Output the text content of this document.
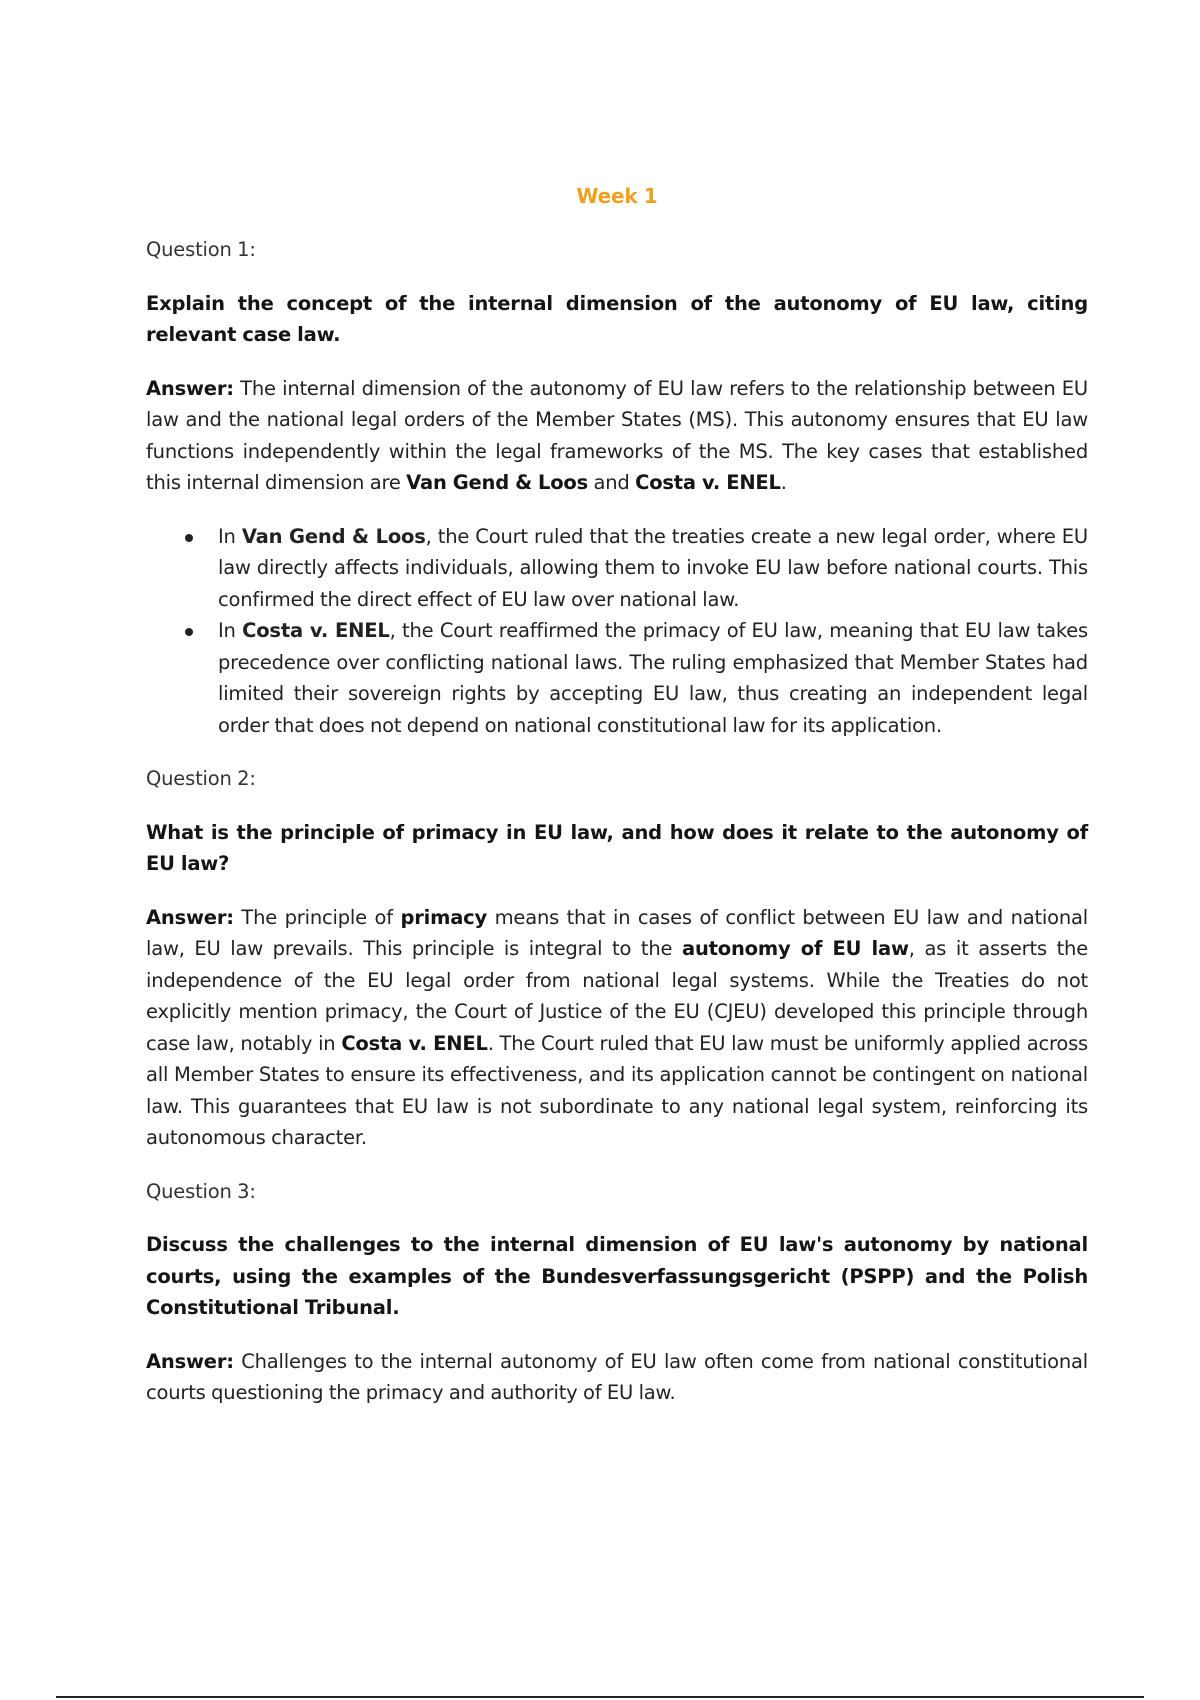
Week 1

Question 1:

Explain the concept of the internal dimension of the autonomy of EU law, citing relevant case law.

Answer: The internal dimension of the autonomy of EU law refers to the relationship between EU law and the national legal orders of the Member States (MS). This autonomy ensures that EU law functions independently within the legal frameworks of the MS. The key cases that established this internal dimension are Van Gend & Loos and Costa v. ENEL.

In Van Gend & Loos, the Court ruled that the treaties create a new legal order, where EU law directly affects individuals, allowing them to invoke EU law before national courts. This confirmed the direct effect of EU law over national law.
In Costa v. ENEL, the Court reaffirmed the primacy of EU law, meaning that EU law takes precedence over conflicting national laws. The ruling emphasized that Member States had limited their sovereign rights by accepting EU law, thus creating an independent legal order that does not depend on national constitutional law for its application.

Question 2:

What is the principle of primacy in EU law, and how does it relate to the autonomy of EU law?

Answer: The principle of primacy means that in cases of conflict between EU law and national law, EU law prevails. This principle is integral to the autonomy of EU law, as it asserts the independence of the EU legal order from national legal systems. While the Treaties do not explicitly mention primacy, the Court of Justice of the EU (CJEU) developed this principle through case law, notably in Costa v. ENEL. The Court ruled that EU law must be uniformly applied across all Member States to ensure its effectiveness, and its application cannot be contingent on national law. This guarantees that EU law is not subordinate to any national legal system, reinforcing its autonomous character.

Question 3:

Discuss the challenges to the internal dimension of EU law's autonomy by national courts, using the examples of the Bundesverfassungsgericht (PSPP) and the Polish Constitutional Tribunal.

Answer: Challenges to the internal autonomy of EU law often come from national constitutional courts questioning the primacy and authority of EU law.
